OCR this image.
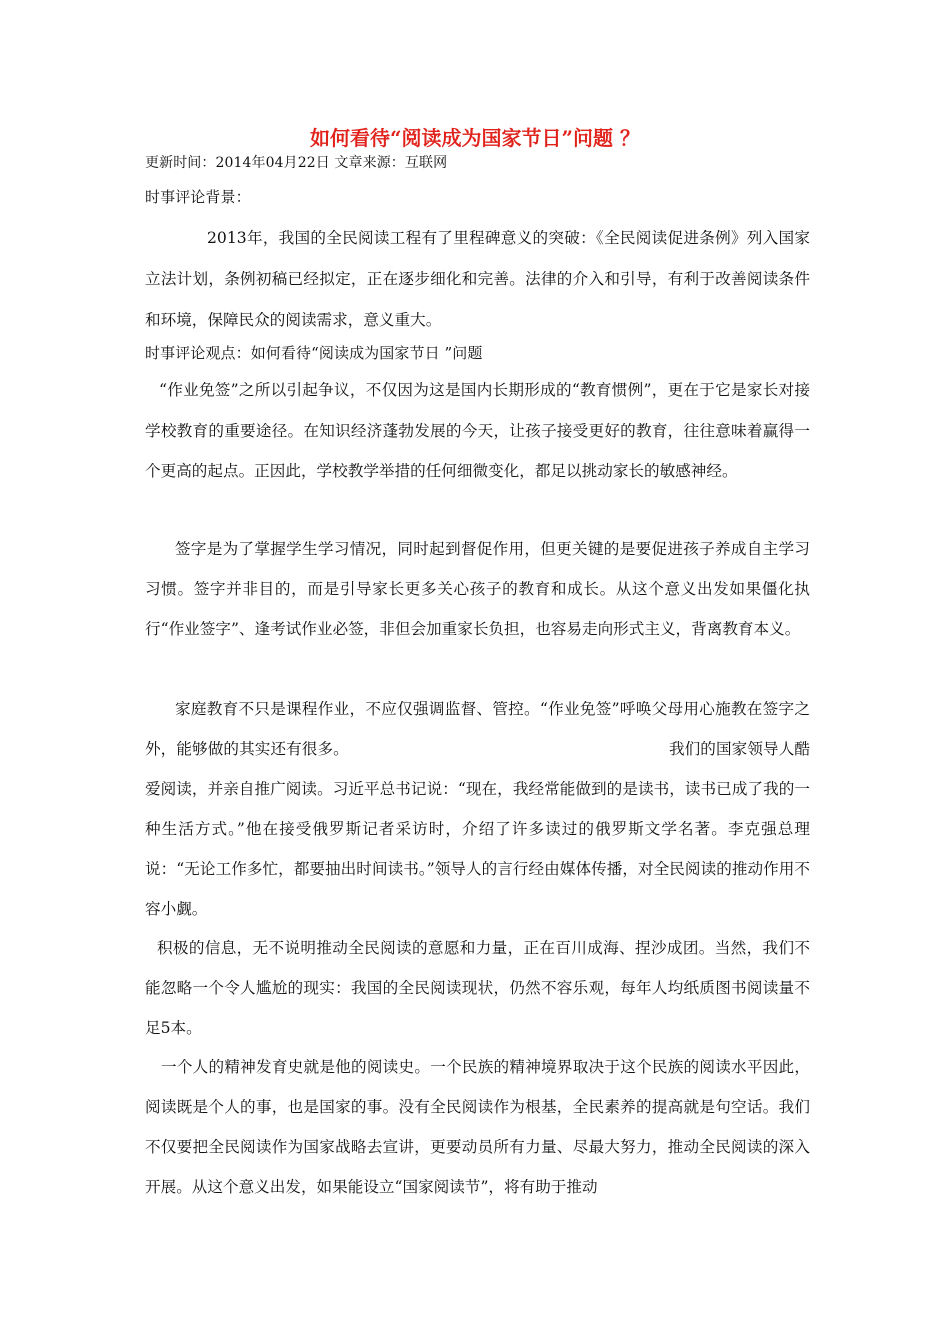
如何看待“阅读成为国家节日”问题 ？
更新时间：2014年04月22日 文章来源：互联网
时事评论背景：

2013年，我国的全民阅读工程有了里程碑意义的突破：《全民阅读促进条例》列入国家立法计划，条例初稿已经拟定，正在逐步细化和完善。法律的介入和引导，有利于改善阅读条件和环境，保障民众的阅读需求，意义重大。

时事评论观点：如何看待“阅读成为国家节日 ”问题

“作业免签”之所以引起争议，不仅因为这是国内长期形成的“教育惯例”，更在于它是家长对接学校教育的重要途径。在知识经济蓬勃发展的今天，让孩子接受更好的教育，往往意味着赢得一个更高的起点。正因此，学校教学举措的任何细微变化，都足以挑动家长的敏感神经。

签字是为了掌握学生学习情况，同时起到督促作用，但更关键的是要促进孩子养成自主学习习惯。签字并非目的，而是引导家长更多关心孩子的教育和成长。从这个意义出发如果僵化执行“作业签字”、逢考试作业必签，非但会加重家长负担，也容易走向形式主义，背离教育本义。

家庭教育不只是课程作业，不应仅强调监督、管控。“作业免签”呼唤父母用心施教在签字之外，能够做的其实还有很多。	我们的国家领导人酷爱阅读，并亲自推广阅读。习近平总书记说：“现在，我经常能做到的是读书，读书已成了我的一种生活方式。”他在接受俄罗斯记者采访时，介绍了许多读过的俄罗斯文学名著。李克强总理说：“无论工作多忙，都要抽出时间读书。”领导人的言行经由媒体传播，对全民阅读的推动作用不容小觑。

积极的信息，无不说明推动全民阅读的意愿和力量，正在百川成海、捏沙成团。当然，我们不能忽略一个令人尴尬的现实：我国的全民阅读现状，仍然不容乐观，每年人均纸质图书阅读量不足5本。

一个人的精神发育史就是他的阅读史。一个民族的精神境界取决于这个民族的阅读水平因此，阅读既是个人的事，也是国家的事。没有全民阅读作为根基，全民素养的提高就是句空话。我们不仅要把全民阅读作为国家战略去宣讲，更要动员所有力量、尽最大努力，推动全民阅读的深入开展。从这个意义出发，如果能设立“国家阅读节”，将有助于推动
